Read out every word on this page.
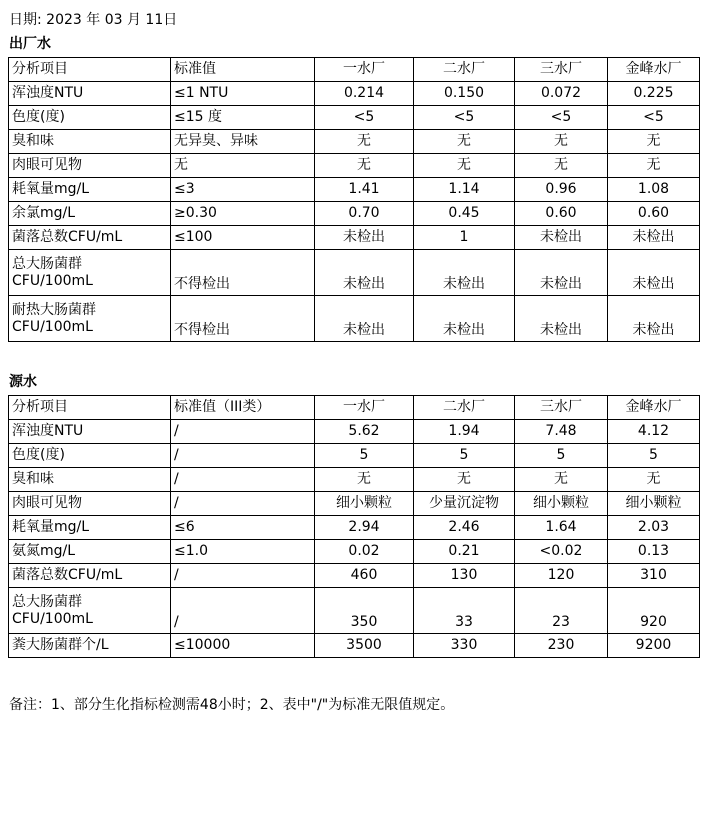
日期: 2023 年 03 月 11日
出厂水
分析项目	标准值	一水厂	二水厂	三水厂	金峰水厂

浑浊度NTU	≤1 NTU	0.214	0.150	0.072	0.225

色度(度)	≤15 度	<5	<5	<5	<5

臭和味	无异臭、异味	无	无	无	无

肉眼可见物	无	无	无	无	无

耗氧量mg/L	≤3	1.41	1.14	0.96	1.08

余氯mg/L	≥0.30	0.70	0.45	0.60	0.60

菌落总数CFU/mL	≤100	未检出	1	未检出	未检出

总大肠菌群
CFU/100mL	不得检出	未检出	未检出	未检出	未检出

耐热大肠菌群
CFU/100mL	不得检出	未检出	未检出	未检出	未检出
源水
分析项目	标准值（III类）	一水厂	二水厂	三水厂	金峰水厂

浑浊度NTU	/	5.62	1.94	7.48	4.12

色度(度)	/	5	5	5	5

臭和味	/	无	无	无	无

肉眼可见物	/	细小颗粒	少量沉淀物	细小颗粒	细小颗粒

耗氧量mg/L	≤6	2.94	2.46	1.64	2.03

氨氮mg/L	≤1.0	0.02	0.21	<0.02	0.13

菌落总数CFU/mL	/	460	130	120	310

总大肠菌群
CFU/100mL	/	350	33	23	920

粪大肠菌群个/L	≤10000	3500	330	230	9200
备注：1、部分生化指标检测需48小时；2、表中"/"为标准无限值规定。
